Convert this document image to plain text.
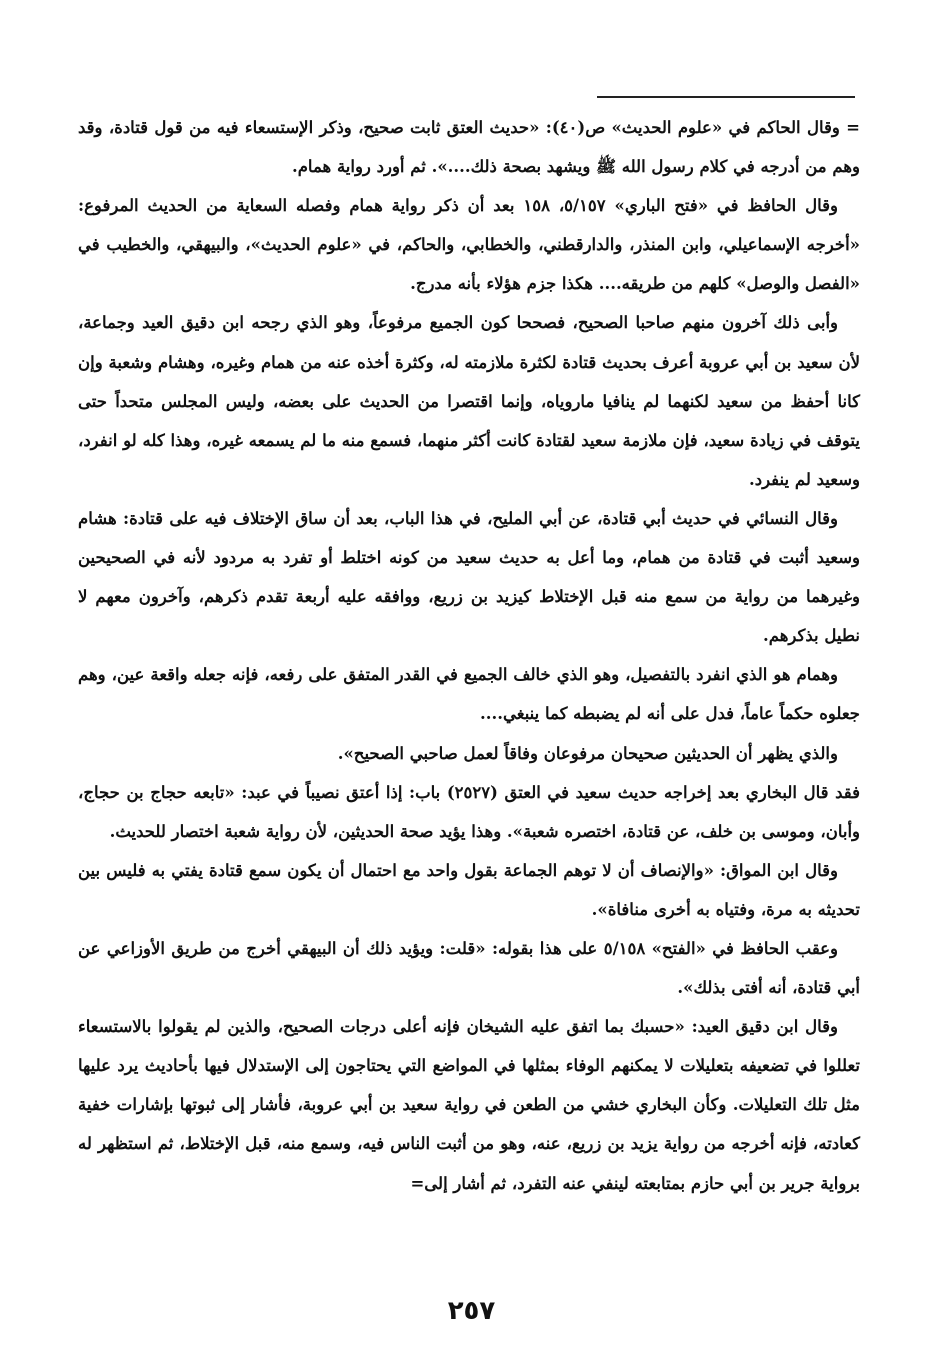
= وقال الحاكم في «علوم الحديث» ص(٤٠): «حديث العتق ثابت صحيح، وذكر الإستسعاء فيه من قول قتادة، وقد وهم من أدرجه في كلام رسول الله ﷺ ويشهد بصحة ذلك....». ثم أورد رواية همام.

وقال الحافظ في «فتح الباري» ٥/١٥٧، ١٥٨ بعد أن ذكر رواية همام وفصله السعاية من الحديث المرفوع: «أخرجه الإسماعيلي، وابن المنذر، والدارقطني، والخطابي، والحاكم، في «علوم الحديث»، والبيهقي، والخطيب في «الفصل والوصل» كلهم من طريقه.... هكذا جزم هؤلاء بأنه مدرج.

وأبى ذلك آخرون منهم صاحبا الصحيح، فصححا كون الجميع مرفوعاً، وهو الذي رجحه ابن دقيق العيد وجماعة، لأن سعيد بن أبي عروبة أعرف بحديث قتادة لكثرة ملازمته له، وكثرة أخذه عنه من همام وغيره، وهشام وشعبة وإن كانا أحفظ من سعيد لكنهما لم ينافيا ماروياه، وإنما اقتصرا من الحديث على بعضه، وليس المجلس متحداً حتى يتوقف في زيادة سعيد، فإن ملازمة سعيد لقتادة كانت أكثر منهما، فسمع منه ما لم يسمعه غيره، وهذا كله لو انفرد، وسعيد لم ينفرد.

وقال النسائي في حديث أبي قتادة، عن أبي المليح، في هذا الباب، بعد أن ساق الإختلاف فيه على قتادة: هشام وسعيد أثبت في قتادة من همام، وما أعل به حديث سعيد من كونه اختلط أو تفرد به مردود لأنه في الصحيحين وغيرهما من رواية من سمع منه قبل الإختلاط كيزيد بن زريع، ووافقه عليه أربعة تقدم ذكرهم، وآخرون معهم لا نطيل بذكرهم.

وهمام هو الذي انفرد بالتفصيل، وهو الذي خالف الجميع في القدر المتفق على رفعه، فإنه جعله واقعة عين، وهم جعلوه حكماً عاماً، فدل على أنه لم يضبطه كما ينبغي....

والذي يظهر أن الحديثين صحيحان مرفوعان وفاقاً لعمل صاحبي الصحيح».

فقد قال البخاري بعد إخراجه حديث سعيد في العتق (٢٥٢٧) باب: إذا أعتق نصيباً في عبد: «تابعه حجاج بن حجاج، وأبان، وموسى بن خلف، عن قتادة، اختصره شعبة». وهذا يؤيد صحة الحديثين، لأن رواية شعبة اختصار للحديث.

وقال ابن المواق: «والإنصاف أن لا توهم الجماعة بقول واحد مع احتمال أن يكون سمع قتادة يفتي به فليس بين تحديثه به مرة، وفتياه به أخرى منافاة».

وعقب الحافظ في «الفتح» ٥/١٥٨ على هذا بقوله: «قلت: ويؤيد ذلك أن البيهقي أخرج من طريق الأوزاعي عن أبي قتادة، أنه أفتى بذلك».

وقال ابن دقيق العيد: «حسبك بما اتفق عليه الشيخان فإنه أعلى درجات الصحيح، والذين لم يقولوا بالاستسعاء تعللوا في تضعيفه بتعليلات لا يمكنهم الوفاء بمثلها في المواضع التي يحتاجون إلى الإستدلال فيها بأحاديث يرد عليها مثل تلك التعليلات. وكأن البخاري خشي من الطعن في رواية سعيد بن أبي عروبة، فأشار إلى ثبوتها بإشارات خفية كعادته، فإنه أخرجه من رواية يزيد بن زريع، عنه، وهو من أثبت الناس فيه، وسمع منه، قبل الإختلاط، ثم استظهر له برواية جرير بن أبي حازم بمتابعته لينفي عنه التفرد، ثم أشار إلى=

٢٥٧
